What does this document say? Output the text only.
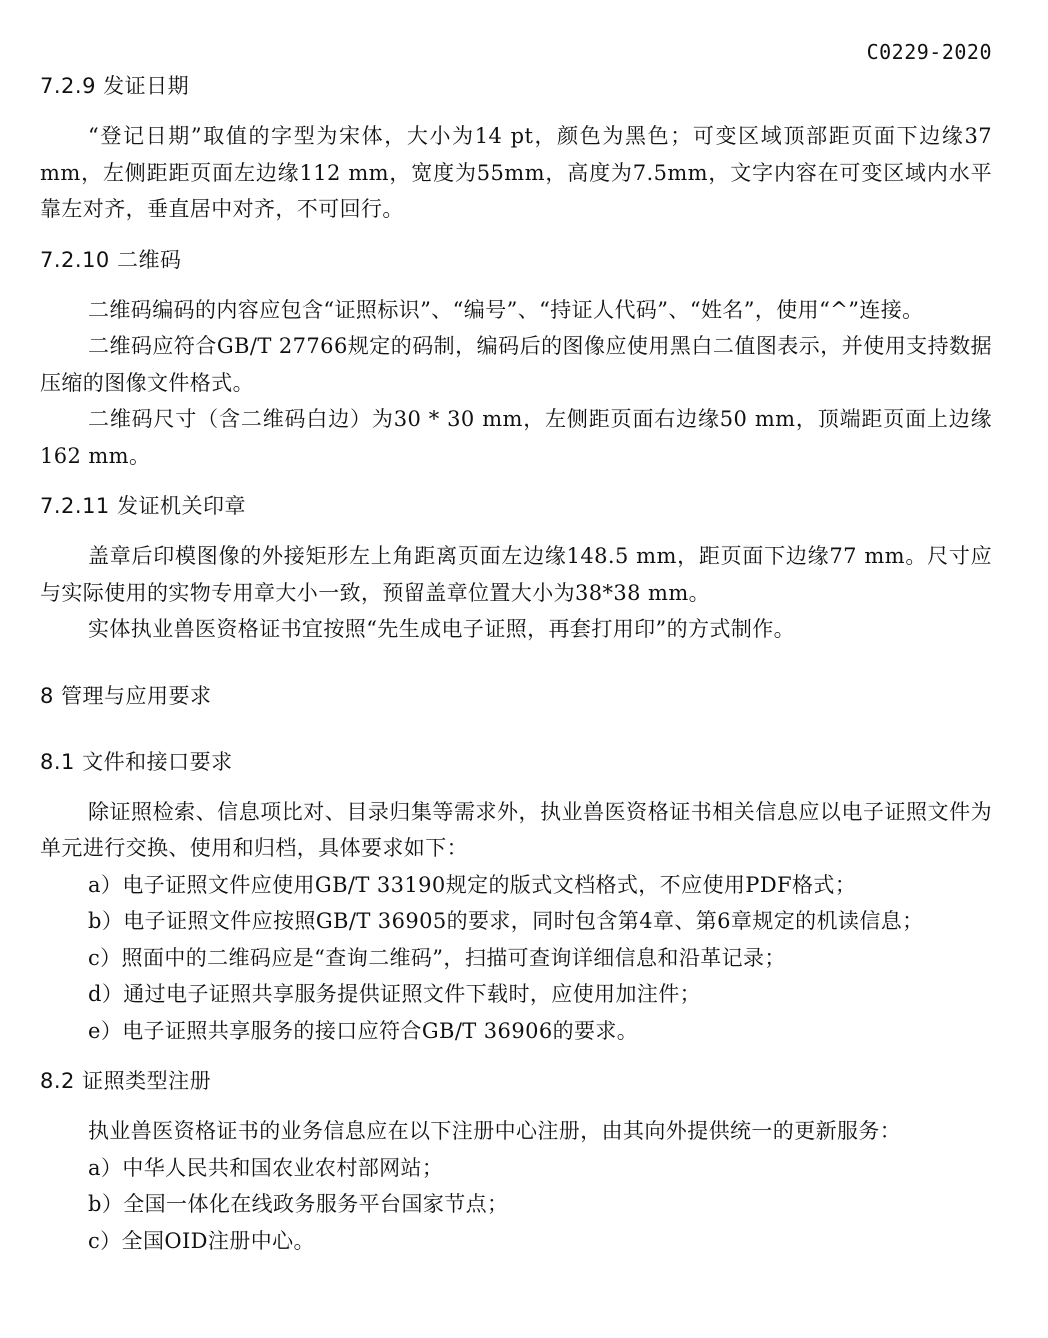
C0229-2020
7.2.9 发证日期

“登记日期”取值的字型为宋体，大小为14 pt，颜色为黑色；可变区域顶部距页面下边缘37 mm，左侧距距页面左边缘112 mm，宽度为55mm，高度为7.5mm，文字内容在可变区域内水平靠左对齐，垂直居中对齐，不可回行。

7.2.10 二维码

二维码编码的内容应包含“证照标识”、“编号”、“持证人代码”、“姓名”，使用“^”连接。

二维码应符合GB/T 27766规定的码制，编码后的图像应使用黑白二值图表示，并使用支持数据压缩的图像文件格式。

二维码尺寸（含二维码白边）为30 * 30 mm，左侧距页面右边缘50 mm，顶端距页面上边缘162 mm。

7.2.11 发证机关印章

盖章后印模图像的外接矩形左上角距离页面左边缘148.5 mm，距页面下边缘77 mm。尺寸应与实际使用的实物专用章大小一致，预留盖章位置大小为38*38 mm。

实体执业兽医资格证书宜按照“先生成电子证照，再套打用印”的方式制作。

8 管理与应用要求
8.1 文件和接口要求

除证照检索、信息项比对、目录归集等需求外，执业兽医资格证书相关信息应以电子证照文件为单元进行交换、使用和归档，具体要求如下：

a）电子证照文件应使用GB/T 33190规定的版式文档格式，不应使用PDF格式；

b）电子证照文件应按照GB/T 36905的要求，同时包含第4章、第6章规定的机读信息；

c）照面中的二维码应是“查询二维码”，扫描可查询详细信息和沿革记录；

d）通过电子证照共享服务提供证照文件下载时，应使用加注件；

e）电子证照共享服务的接口应符合GB/T 36906的要求。

8.2 证照类型注册

执业兽医资格证书的业务信息应在以下注册中心注册，由其向外提供统一的更新服务：

a）中华人民共和国农业农村部网站；

b）全国一体化在线政务服务平台国家节点；

c）全国OID注册中心。
